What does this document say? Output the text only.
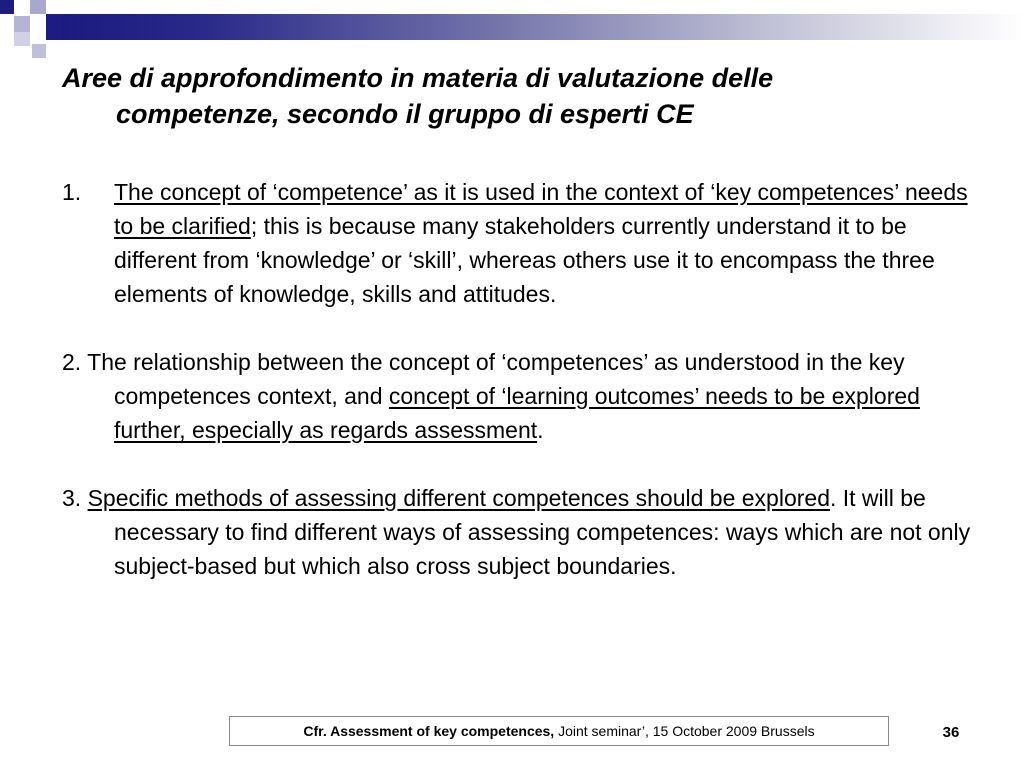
Aree di approfondimento in materia di valutazione delle
competenze, secondo il gruppo di esperti CE

1. The concept of ‘competence’ as it is used in the context of ‘key competences’ needs to be clarified; this is because many stakeholders currently understand it to be different from ‘knowledge’ or ‘skill’, whereas others use it to encompass the three elements of knowledge, skills and attitudes.

2. The relationship between the concept of ‘competences’ as understood in the key competences context, and concept of ‘learning outcomes’ needs to be explored further, especially as regards assessment.

3. Specific methods of assessing different competences should be explored. It will be necessary to find different ways of assessing competences: ways which are not only subject-based but which also cross subject boundaries.

Cfr. Assessment of key competences, Joint seminar’, 15 October 2009 Brussels	36
